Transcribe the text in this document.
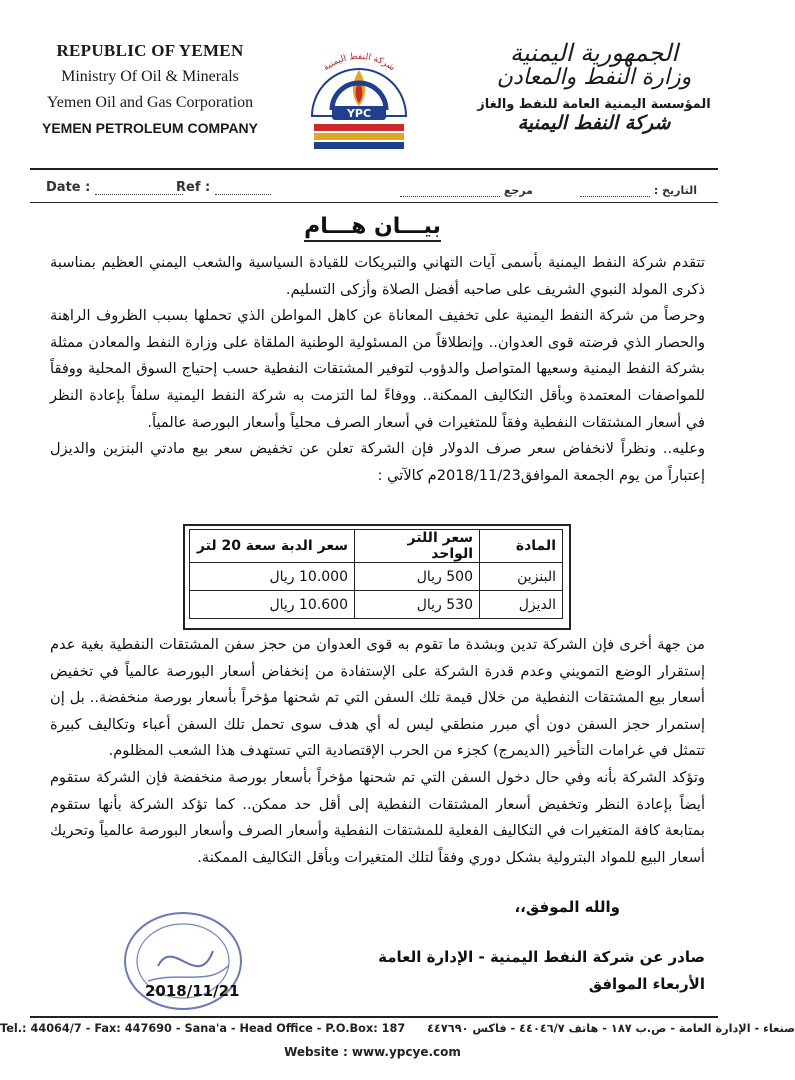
REPUBLIC OF YEMEN
Ministry Of Oil & Minerals
Yemen Oil and Gas Corporation
YEMEN PETROLEUM COMPANY
شركة النفط اليمنية
YPC
الجمهورية اليمنية
وزارة النفط والمعادن
المؤسسة اليمنية العامة للنفط والغاز
شركة النفط اليمنية
Date :	Ref :	مرجع	التاريخ :
بيـــان هـــام

تتقدم شركة النفط اليمنية بأسمى آيات التهاني والتبريكات للقيادة السياسية والشعب اليمني العظيم بمناسبة ذكرى المولد النبوي الشريف على صاحبه أفضل الصلاة وأزكى التسليم.

وحرصاً من شركة النفط اليمنية على تخفيف المعاناة عن كاهل المواطن الذي تحملها بسبب الظروف الراهنة والحصار الذي فرضته قوى العدوان.. وإنطلاقاً من المسئولية الوطنية الملقاة على وزارة النفط والمعادن ممثلة بشركة النفط اليمنية وسعيها المتواصل والدؤوب لتوفير المشتقات النفطية حسب إحتياج السوق المحلية ووفقاً للمواصفات المعتمدة وبأقل التكاليف الممكنة.. ووفاءً لما التزمت به شركة النفط اليمنية سلفاً بإعادة النظر في أسعار المشتقات النفطية وفقاً للمتغيرات في أسعار الصرف محلياً وأسعار البورصة عالمياً.

وعليه.. ونظراً لانخفاض سعر صرف الدولار فإن الشركة تعلن عن تخفيض سعر بيع مادتي البنزين والديزل إعتباراً من يوم الجمعة الموافق2018/11/23م كالآتي :

المادة	سعر اللتر الواحد	سعر الدبة سعة 20 لتر
البنزين	500 ريال	10.000 ريال
الديزل	530 ريال	10.600 ريال

من جهة أخرى فإن الشركة تدين وبشدة ما تقوم به قوى العدوان من حجز سفن المشتقات النفطية بغية عدم إستقرار الوضع التمويني وعدم قدرة الشركة على الإستفادة من إنخفاض أسعار البورصة عالمياً في تخفيض أسعار بيع المشتقات النفطية من خلال قيمة تلك السفن التي تم شحنها مؤخراً بأسعار بورصة منخفضة.. بل إن إستمرار حجز السفن دون أي مبرر منطقي ليس له أي هدف سوى تحمل تلك السفن أعباء وتكاليف كبيرة تتمثل في غرامات التأخير (الديمرج) كجزء من الحرب الإقتصادية التي تستهدف هذا الشعب المظلوم.

وتؤكد الشركة بأنه وفي حال دخول السفن التي تم شحنها مؤخراً بأسعار بورصة منخفضة فإن الشركة ستقوم أيضاً بإعادة النظر وتخفيض أسعار المشتقات النفطية إلى أقل حد ممكن.. كما تؤكد الشركة بأنها ستقوم بمتابعة كافة المتغيرات في التكاليف الفعلية للمشتقات النفطية وأسعار الصرف وأسعار البورصة عالمياً وتحريك أسعار البيع للمواد البترولية بشكل دوري وفقاً لتلك المتغيرات وبأقل التكاليف الممكنة.

والله الموفق،،
صادر عن شركة النفط اليمنية - الإدارة العامة
الأربعاء الموافق
2018/11/21
Tel.: 44064/7 - Fax: 447690 - Sana'a - Head Office - P.O.Box: 187 صنعاء - الإدارة العامة - ص.ب ١٨٧ - هاتف ٤٤٠٤٦/٧ - فاكس ٤٤٧٦٩٠
Website : www.ypcye.com
